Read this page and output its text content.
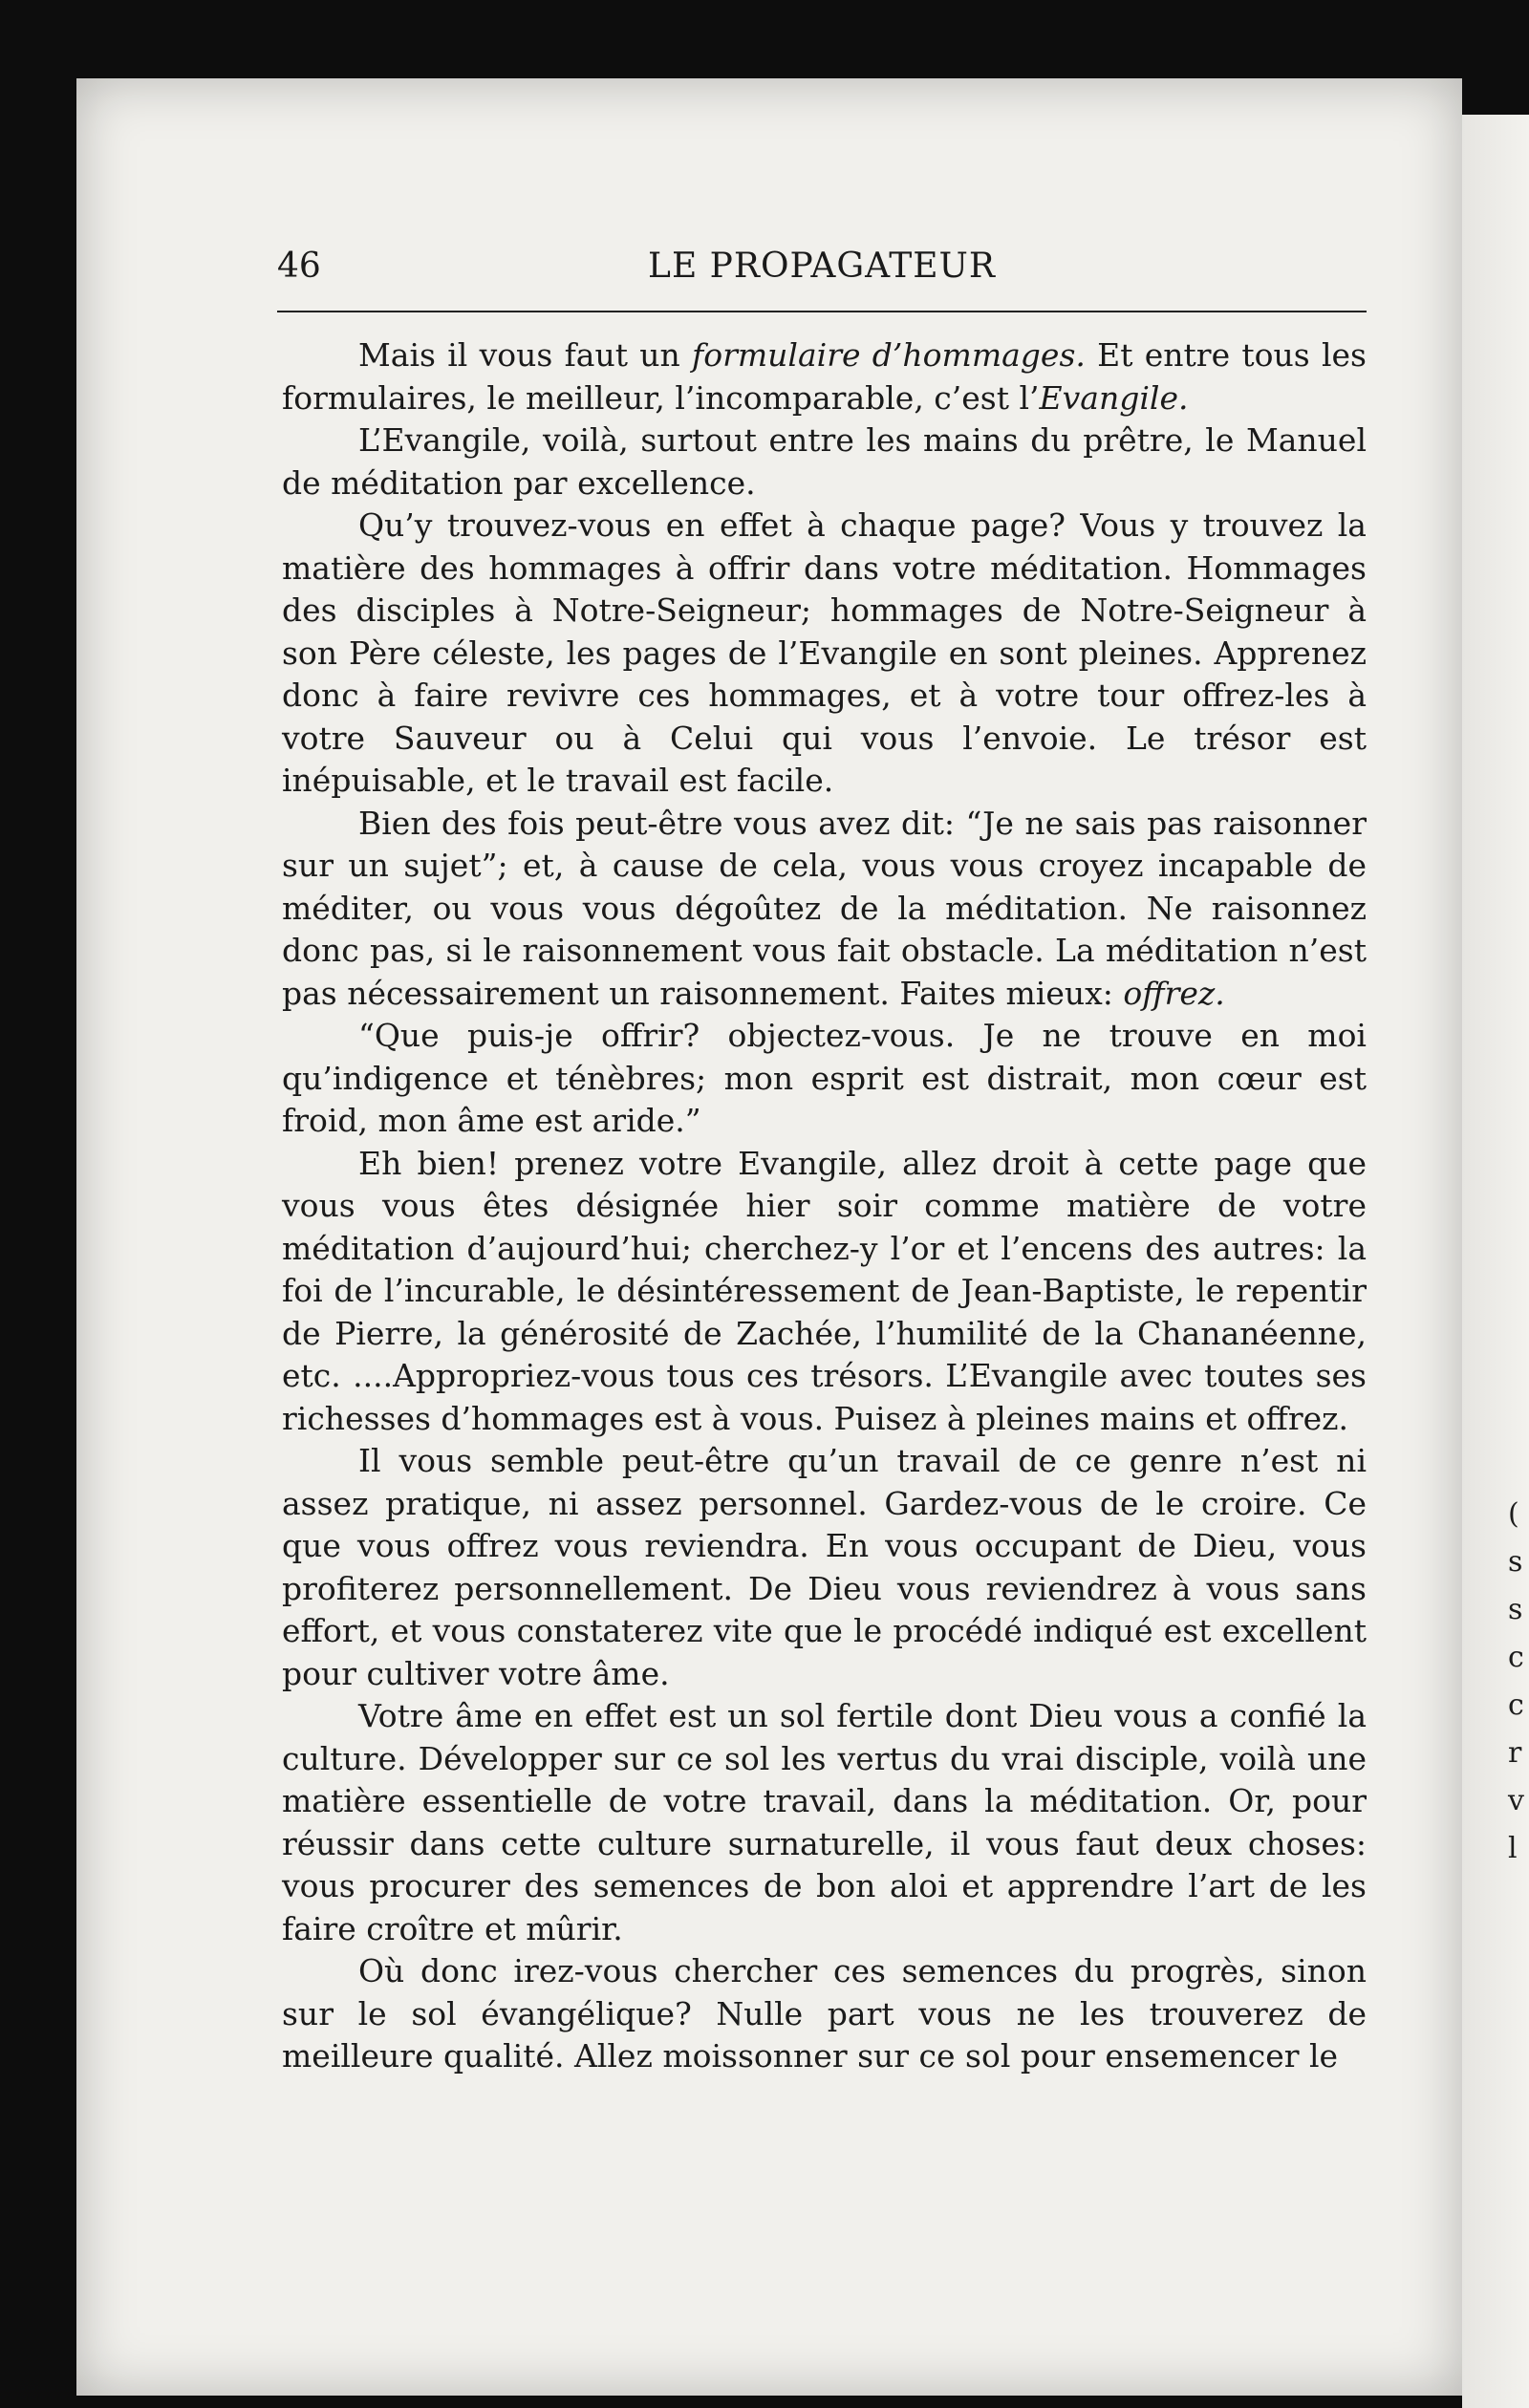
(
s
s
c
c
r
v
l
46	LE PROPAGATEUR

Mais il vous faut un formulaire d’hommages. Et entre tous les formulaires, le meilleur, l’incomparable, c’est l’Evangile.

L’Evangile, voilà, surtout entre les mains du prêtre, le Manuel de méditation par excellence.

Qu’y trouvez-vous en effet à chaque page? Vous y trouvez la matière des hommages à offrir dans votre méditation. Hommages des disciples à Notre-Seigneur; hommages de Notre-Seigneur à son Père céleste, les pages de l’Evangile en sont pleines. Apprenez donc à faire revivre ces hommages, et à votre tour offrez-les à votre Sauveur ou à Celui qui vous l’envoie. Le trésor est inépuisable, et le travail est facile.

Bien des fois peut-être vous avez dit: “Je ne sais pas raisonner sur un sujet”; et, à cause de cela, vous vous croyez incapable de méditer, ou vous vous dégoûtez de la méditation. Ne raisonnez donc pas, si le raisonnement vous fait obstacle. La méditation n’est pas nécessairement un raisonnement. Faites mieux: offrez.

“Que puis-je offrir? objectez-vous. Je ne trouve en moi qu’indigence et ténèbres; mon esprit est distrait, mon cœur est froid, mon âme est aride.”

Eh bien! prenez votre Evangile, allez droit à cette page que vous vous êtes désignée hier soir comme matière de votre méditation d’aujourd’hui; cherchez-y l’or et l’encens des autres: la foi de l’incurable, le désintéressement de Jean-Baptiste, le repentir de Pierre, la générosité de Zachée, l’humilité de la Chananéenne, etc. ....Appropriez-vous tous ces trésors. L’Evangile avec toutes ses richesses d’hommages est à vous. Puisez à pleines mains et offrez.

Il vous semble peut-être qu’un travail de ce genre n’est ni assez pratique, ni assez personnel. Gardez-vous de le croire. Ce que vous offrez vous reviendra. En vous occupant de Dieu, vous profiterez personnellement. De Dieu vous reviendrez à vous sans effort, et vous constaterez vite que le procédé indiqué est excellent pour cultiver votre âme.

Votre âme en effet est un sol fertile dont Dieu vous a confié la culture. Développer sur ce sol les vertus du vrai disciple, voilà une matière essentielle de votre travail, dans la méditation. Or, pour réussir dans cette culture surnaturelle, il vous faut deux choses: vous procurer des semences de bon aloi et apprendre l’art de les faire croître et mûrir.

Où donc irez-vous chercher ces semences du progrès, sinon sur le sol évangélique? Nulle part vous ne les trouverez de meilleure qualité. Allez moissonner sur ce sol pour ensemencer le
